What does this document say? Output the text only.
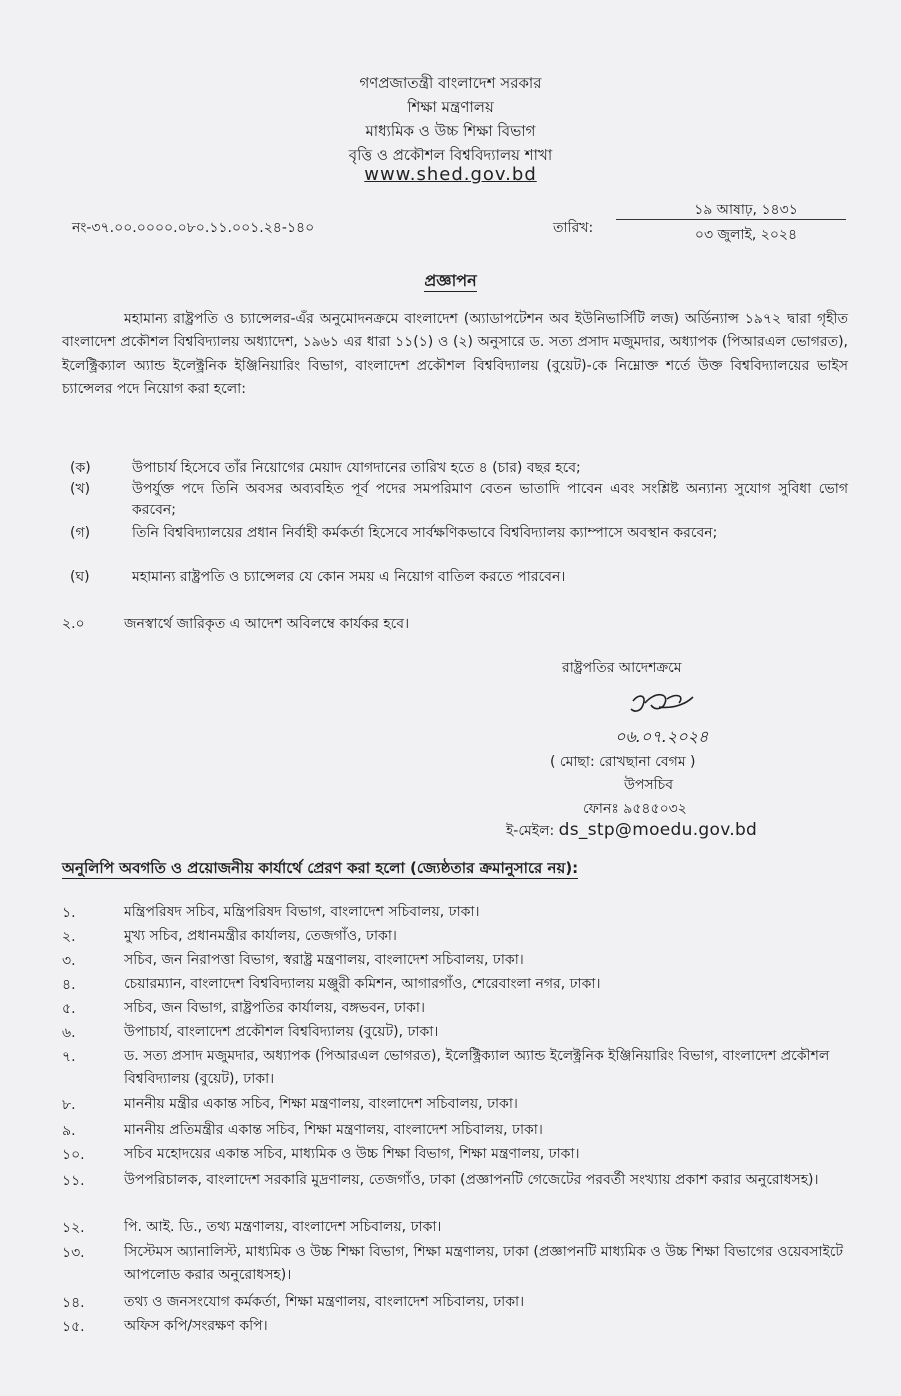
গণপ্রজাতন্ত্রী বাংলাদেশ সরকার
শিক্ষা মন্ত্রণালয়
মাধ্যমিক ও উচ্চ শিক্ষা বিভাগ
বৃত্তি ও প্রকৌশল বিশ্ববিদ্যালয় শাখা
www.shed.gov.bd
নং-৩৭.০০.০০০০.০৮০.১১.০০১.২৪-১৪০	তারিখ:
১৯ আষাঢ়, ১৪৩১
০৩ জুলাই, ২০২৪
প্রজ্ঞাপন
মহামান্য রাষ্ট্রপতি ও চ্যান্সেলর-এঁর অনুমোদনক্রমে বাংলাদেশ (অ্যাডাপটেশন অব ইউনিভার্সিটি লজ) অর্ডিন্যান্স ১৯৭২ দ্বারা গৃহীত বাংলাদেশ প্রকৌশল বিশ্ববিদ্যালয় অধ্যাদেশ, ১৯৬১ এর ধারা ১১(১) ও (২) অনুসারে ড. সত্য প্রসাদ মজুমদার, অধ্যাপক (পিআরএল ভোগরত), ইলেক্ট্রিক্যাল অ্যান্ড ইলেক্ট্রনিক ইঞ্জিনিয়ারিং বিভাগ, বাংলাদেশ প্রকৌশল বিশ্ববিদ্যালয় (বুয়েট)-কে নিম্নোক্ত শর্তে উক্ত বিশ্ববিদ্যালয়ের ভাইস চ্যান্সেলর পদে নিয়োগ করা হলো:
(ক)	উপাচার্য হিসেবে তাঁর নিয়োগের মেয়াদ যোগদানের তারিখ হতে ৪ (চার) বছর হবে;
(খ)	উপর্যুক্ত পদে তিনি অবসর অব্যবহিত পূর্ব পদের সমপরিমাণ বেতন ভাতাদি পাবেন এবং সংশ্লিষ্ট অন্যান্য সুযোগ সুবিধা ভোগ করবেন;
(গ)	তিনি বিশ্ববিদ্যালয়ের প্রধান নির্বাহী কর্মকর্তা হিসেবে সার্বক্ষণিকভাবে বিশ্ববিদ্যালয় ক্যাম্পাসে অবস্থান করবেন;
(ঘ)	মহামান্য রাষ্ট্রপতি ও চ্যান্সেলর যে কোন সময় এ নিয়োগ বাতিল করতে পারবেন।
২.০	জনস্বার্থে জারিকৃত এ আদেশ অবিলম্বে কার্যকর হবে।
রাষ্ট্রপতির আদেশক্রমে
০৬.০৭.২০২৪
( মোছা: রোখছানা বেগম )
উপসচিব
ফোনঃ ৯৫৪৫০৩২
ই-মেইল: ds_stp@moedu.gov.bd
অনুলিপি অবগতি ও প্রয়োজনীয় কার্যার্থে প্রেরণ করা হলো (জ্যেষ্ঠতার ক্রমানুসারে নয়):
১.	মন্ত্রিপরিষদ সচিব, মন্ত্রিপরিষদ বিভাগ, বাংলাদেশ সচিবালয়, ঢাকা।
২.	মুখ্য সচিব, প্রধানমন্ত্রীর কার্যালয়, তেজগাঁও, ঢাকা।
৩.	সচিব, জন নিরাপত্তা বিভাগ, স্বরাষ্ট্র মন্ত্রণালয়, বাংলাদেশ সচিবালয়, ঢাকা।
৪.	চেয়ারম্যান, বাংলাদেশ বিশ্ববিদ্যালয় মঞ্জুরী কমিশন, আগারগাঁও, শেরেবাংলা নগর, ঢাকা।
৫.	সচিব, জন বিভাগ, রাষ্ট্রপতির কার্যালয়, বঙ্গভবন, ঢাকা।
৬.	উপাচার্য, বাংলাদেশ প্রকৌশল বিশ্ববিদ্যালয় (বুয়েট), ঢাকা।
৭.	ড. সত্য প্রসাদ মজুমদার, অধ্যাপক (পিআরএল ভোগরত), ইলেক্ট্রিক্যাল অ্যান্ড ইলেক্ট্রনিক ইঞ্জিনিয়ারিং বিভাগ, বাংলাদেশ প্রকৌশল বিশ্ববিদ্যালয় (বুয়েট), ঢাকা।
৮.	মাননীয় মন্ত্রীর একান্ত সচিব, শিক্ষা মন্ত্রণালয়, বাংলাদেশ সচিবালয়, ঢাকা।
৯.	মাননীয় প্রতিমন্ত্রীর একান্ত সচিব, শিক্ষা মন্ত্রণালয়, বাংলাদেশ সচিবালয়, ঢাকা।
১০.	সচিব মহোদয়ের একান্ত সচিব, মাধ্যমিক ও উচ্চ শিক্ষা বিভাগ, শিক্ষা মন্ত্রণালয়, ঢাকা।
১১.	উপপরিচালক, বাংলাদেশ সরকারি মুদ্রণালয়, তেজগাঁও, ঢাকা (প্রজ্ঞাপনটি গেজেটের পরবর্তী সংখ্যায় প্রকাশ করার অনুরোধসহ)।
১২.	পি. আই. ডি., তথ্য মন্ত্রণালয়, বাংলাদেশ সচিবালয়, ঢাকা।
১৩.	সিস্টেমস অ্যানালিস্ট, মাধ্যমিক ও উচ্চ শিক্ষা বিভাগ, শিক্ষা মন্ত্রণালয়, ঢাকা (প্রজ্ঞাপনটি মাধ্যমিক ও উচ্চ শিক্ষা বিভাগের ওয়েবসাইটে আপলোড করার অনুরোধসহ)।
১৪.	তথ্য ও জনসংযোগ কর্মকর্তা, শিক্ষা মন্ত্রণালয়, বাংলাদেশ সচিবালয়, ঢাকা।
১৫.	অফিস কপি/সংরক্ষণ কপি।
